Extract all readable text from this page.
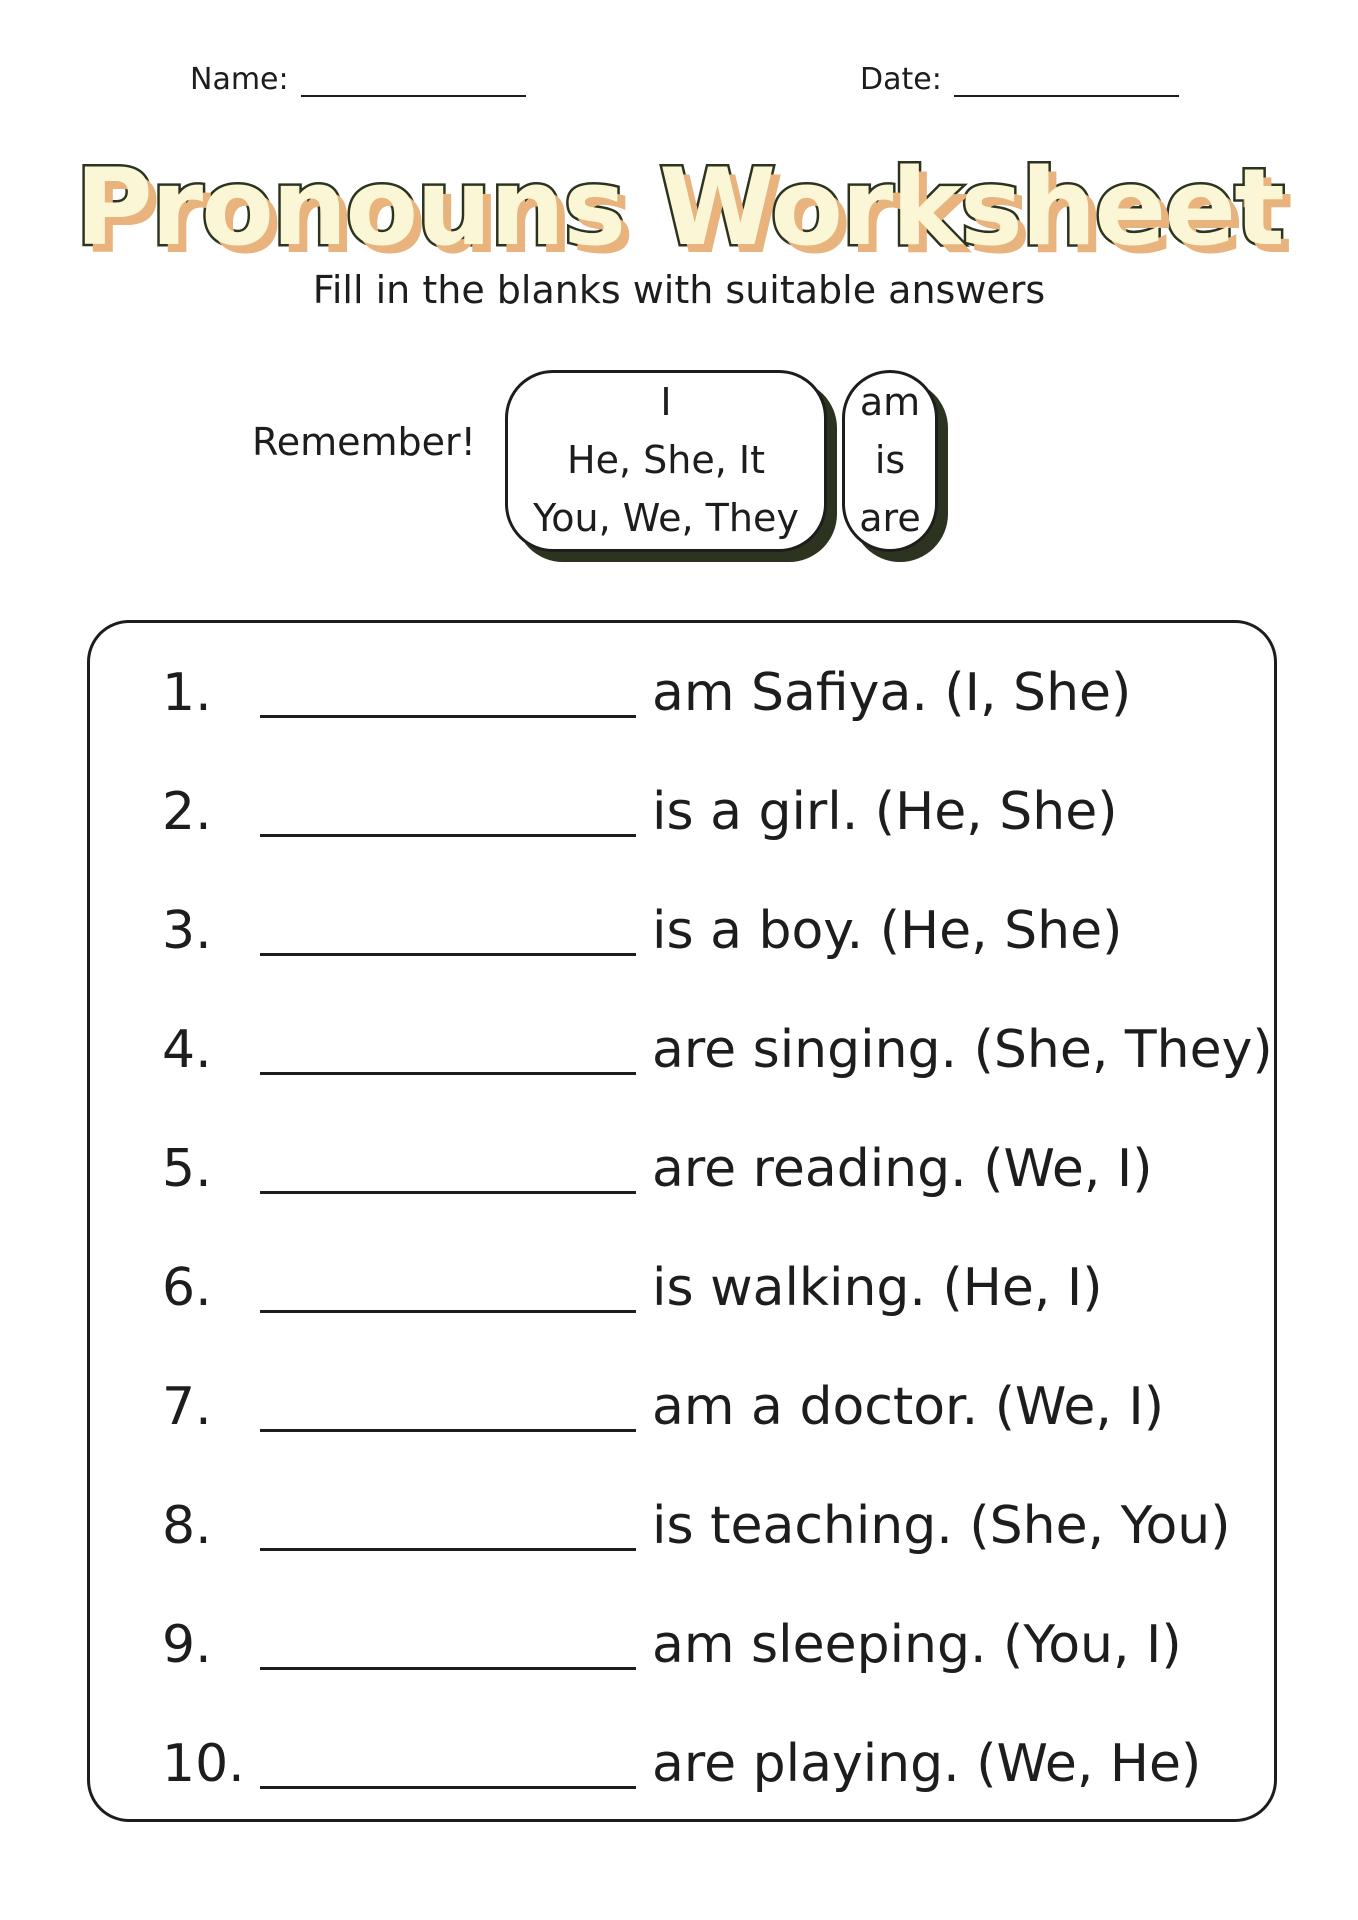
Name:	Date:
Pronouns Worksheet
Fill in the blanks with suitable answers
Remember!
I
He, She, It
You, We, They
am
is
are
1.	am Safiya. (I, She)
2.	is a girl. (He, She)
3.	is a boy. (He, She)
4.	are singing. (She, They)
5.	are reading. (We, I)
6.	is walking. (He, I)
7.	am a doctor. (We, I)
8.	is teaching. (She, You)
9.	am sleeping. (You, I)
10.	are playing. (We, He)
